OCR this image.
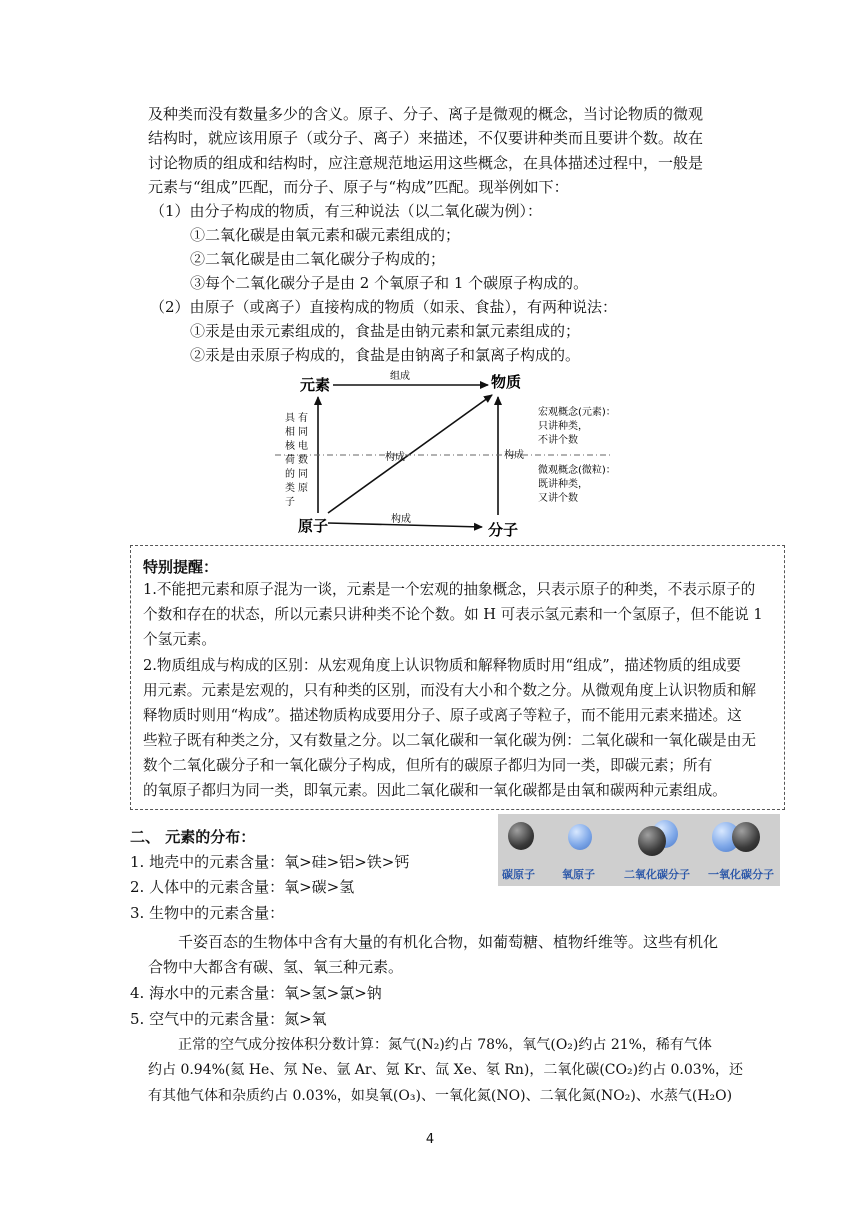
及种类而没有数量多少的含义。原子、分子、离子是微观的概念，当讨论物质的微观
结构时，就应该用原子（或分子、离子）来描述，不仅要讲种类而且要讲个数。故在
讨论物质的组成和结构时，应注意规范地运用这些概念，在具体描述过程中，一般是
元素与“组成”匹配，而分子、原子与“构成”匹配。现举例如下：
（1）由分子构成的物质，有三种说法（以二氧化碳为例）：
①二氧化碳是由氧元素和碳元素组成的；
②二氧化碳是由二氧化碳分子构成的；
③每个二氧化碳分子是由 2 个氧原子和 1 个碳原子构成的。
（2）由原子（或离子）直接构成的物质（如汞、食盐），有两种说法：
①汞是由汞元素组成的，食盐是由钠元素和氯元素组成的；
②汞是由汞原子构成的，食盐是由钠离子和氯离子构成的。
元素	物质
原子	分子
组成
构成	构成
构成
具
相
核
荷
的
类
子
有
同
电
数
同
原
宏观概念(元素)：
只讲种类，
不讲个数
微观概念(微粒)：
既讲种类，
又讲个数
特别提醒：
1.不能把元素和原子混为一谈，元素是一个宏观的抽象概念，只表示原子的种类，不表示原子的
个数和存在的状态，所以元素只讲种类不论个数。如 H 可表示氢元素和一个氢原子，但不能说 1
个氢元素。
2.物质组成与构成的区别：从宏观角度上认识物质和解释物质时用“组成”，描述物质的组成要
用元素。元素是宏观的，只有种类的区别，而没有大小和个数之分。从微观角度上认识物质和解
释物质时则用“构成”。描述物质构成要用分子、原子或离子等粒子，而不能用元素来描述。这
些粒子既有种类之分，又有数量之分。以二氧化碳和一氧化碳为例：二氧化碳和一氧化碳是由无
数个二氧化碳分子和一氧化碳分子构成，但所有的碳原子都归为同一类，即碳元素；所有
的氧原子都归为同一类，即氧元素。因此二氧化碳和一氧化碳都是由氧和碳两种元素组成。
二、 元素的分布：
1. 地壳中的元素含量：氧>硅>铝>铁>钙
2. 人体中的元素含量：氧>碳>氢
3. 生物中的元素含量：
千姿百态的生物体中含有大量的有机化合物，如葡萄糖、植物纤维等。这些有机化
合物中大都含有碳、氢、氧三种元素。
4. 海水中的元素含量：氧>氢>氯>钠
5. 空气中的元素含量：氮>氧
正常的空气成分按体积分数计算：氮气(N₂)约占 78%，氧气(O₂)约占 21%，稀有气体
约占 0.94%(氦 He、氖 Ne、氩 Ar、氪 Kr、氙 Xe、氡 Rn)，二氧化碳(CO₂)约占 0.03%，还
有其他气体和杂质约占 0.03%，如臭氧(O₃)、一氧化氮(NO)、二氧化氮(NO₂)、水蒸气(H₂O)
碳原子 氧原子	二氧化碳分子 一氧化碳分子
4
